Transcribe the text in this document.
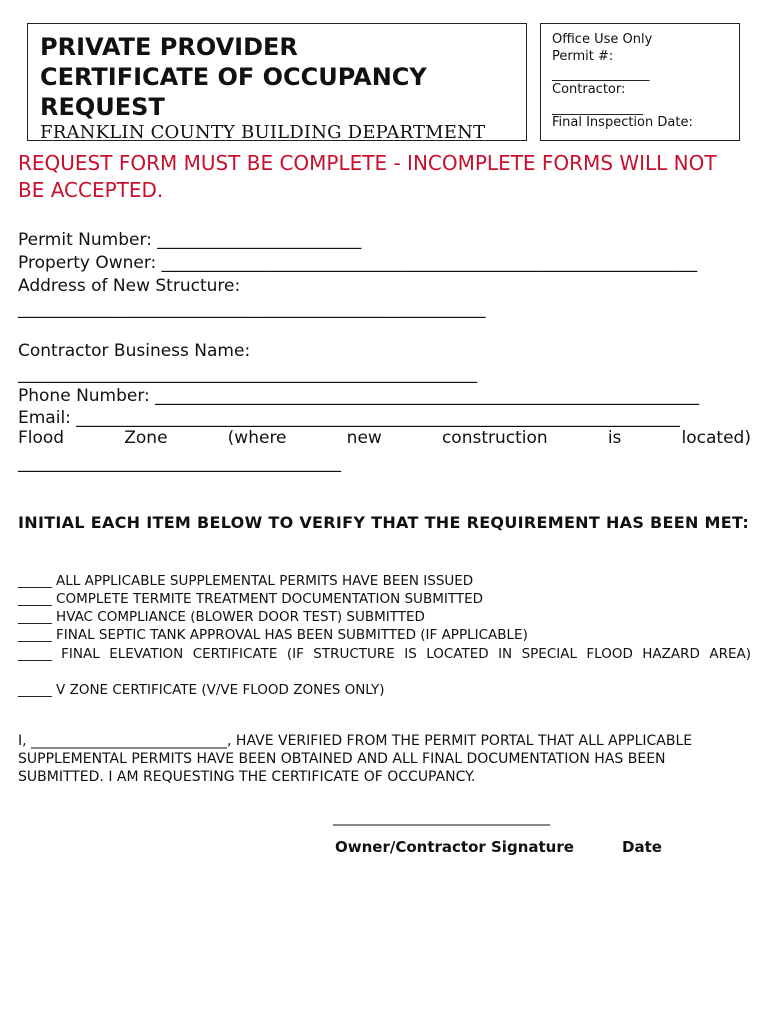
PRIVATE PROVIDER
CERTIFICATE OF OCCUPANCY
REQUEST
FRANKLIN COUNTY BUILDING DEPARTMENT
Office Use Only
Permit #:
_______________
Contractor:
______________
Final Inspection Date:
REQUEST FORM MUST BE COMPLETE - INCOMPLETE FORMS WILL NOT BE ACCEPTED.
Permit Number: ________________________
Property Owner: _______________________________________________________________
Address of New Structure:
_______________________________________________________
Contractor Business Name:
______________________________________________________
Phone Number: ________________________________________________________________
Email: _______________________________________________________________________
Flood	Zone	(where	new	construction	is	located)
______________________________________
INITIAL EACH ITEM BELOW TO VERIFY THAT THE REQUIREMENT HAS BEEN MET:
_____ ALL APPLICABLE SUPPLEMENTAL PERMITS HAVE BEEN ISSUED
_____ COMPLETE TERMITE TREATMENT DOCUMENTATION SUBMITTED
_____ HVAC COMPLIANCE (BLOWER DOOR TEST) SUBMITTED
_____ FINAL SEPTIC TANK APPROVAL HAS BEEN SUBMITTED (IF APPLICABLE)
_____ FINAL ELEVATION CERTIFICATE (IF STRUCTURE IS LOCATED IN SPECIAL FLOOD HAZARD AREA)
_____ V ZONE CERTIFICATE (V/VE FLOOD ZONES ONLY)
I, ____________________________, HAVE VERIFIED FROM THE PERMIT PORTAL THAT ALL APPLICABLE SUPPLEMENTAL PERMITS HAVE BEEN OBTAINED AND ALL FINAL DOCUMENTATION HAS BEEN SUBMITTED. I AM REQUESTING THE CERTIFICATE OF OCCUPANCY.
_______________________________
Owner/Contractor Signature	Date
